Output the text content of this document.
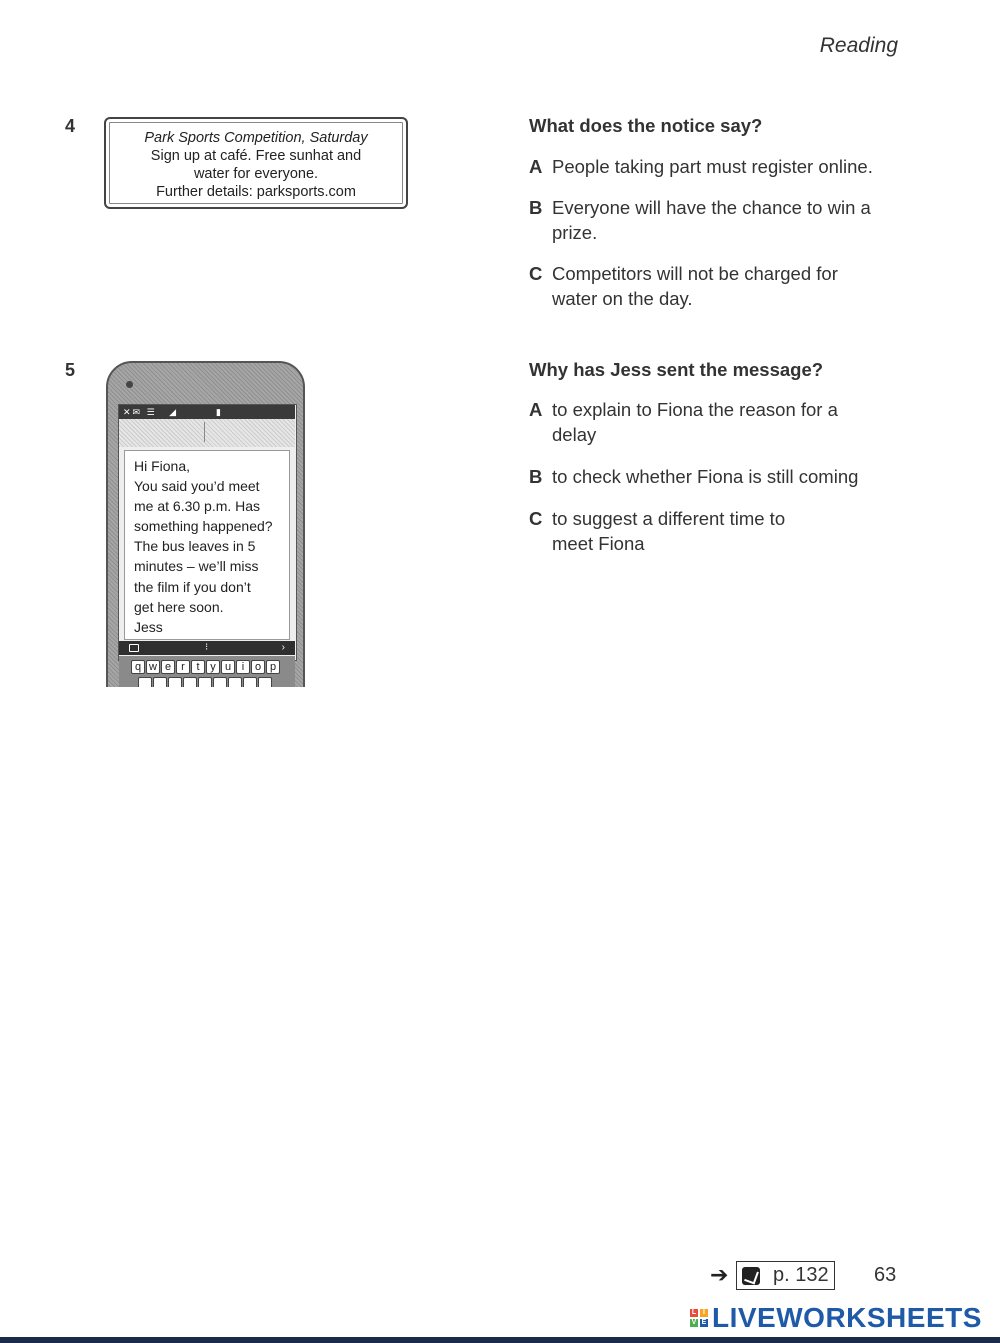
Reading
4
Park Sports Competition, Saturday
Sign up at café. Free sunhat and
water for everyone.
Further details: parksports.com
What does the notice say?
A People taking part must register online.
B Everyone will have the chance to win a prize.
C Competitors will not be charged for water on the day.
5
✕✉ ☰ ◢▮
Hi Fiona,
You said you’d meet
me at 6.30 p.m. Has
something happened?
The bus leaves in 5
minutes – we’ll miss
the film if you don’t
get here soon.
Jess
⁝	›
q w e r	t y u i o p
Why has Jess sent the message?
A to explain to Fiona the reason for a delay
B to check whether Fiona is still coming
C to suggest a different time to meet Fiona
➔ p. 132 63
L I
V E LIVEWORKSHEETS
